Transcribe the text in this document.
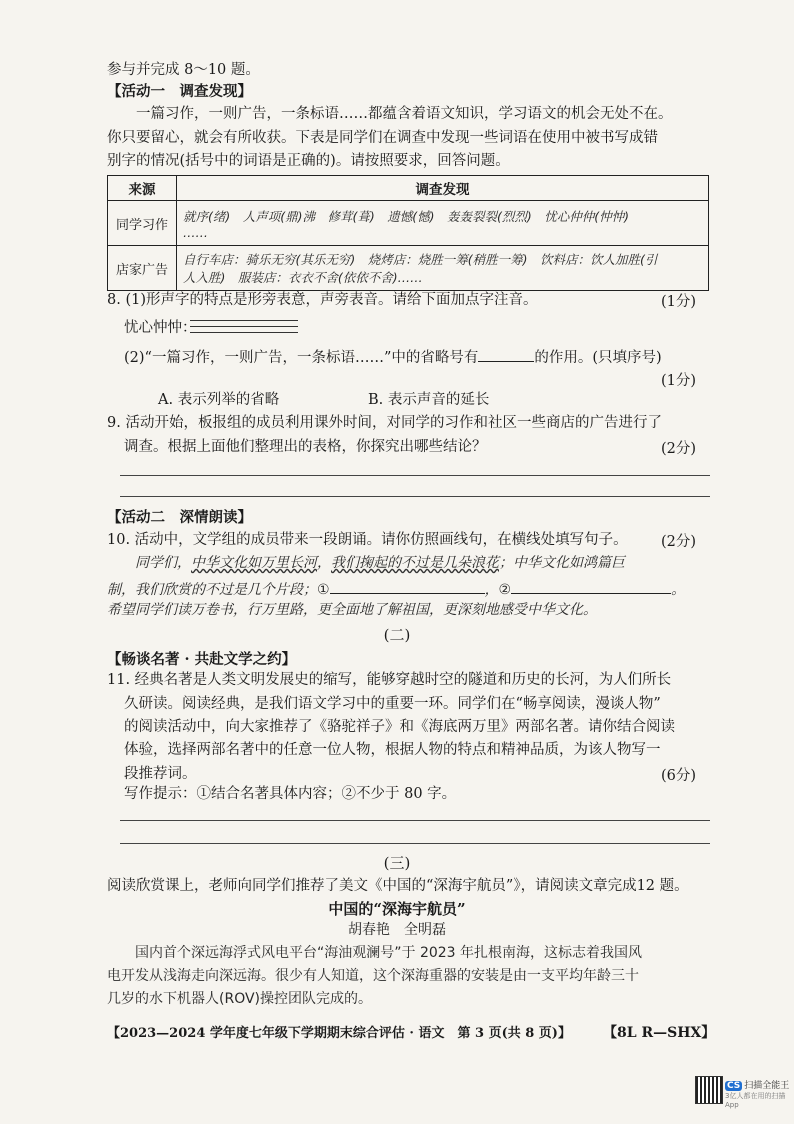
参与并完成 8～10 题。
【活动一　调查发现】
　　一篇习作，一则广告，一条标语……都蕴含着语文知识，学习语文的机会无处不在。
你只要留心，就会有所收获。下表是同学们在调查中发现一些词语在使用中被书写成错
别字的情况(括号中的词语是正确的)。请按照要求，回答问题。
来源	调查发现
同学习作	就序(绪)　人声项(鼎)沸　修茸(葺)　遗憾(憾)　轰轰裂裂(烈烈)　忧心仲仲(忡忡)
……

店家广告	自行车店：骑乐无穷(其乐无穷)　烧烤店：烧胜一筹(稍胜一筹)　饮料店：饮人加胜(引
人入胜)　服装店：衣衣不舍(依依不舍)……
8. (1)形声字的特点是形旁表意，声旁表音。请给下面加点字注音。	(1分)
忧心忡忡：
(2)“一篇习作，一则广告，一条标语……”中的省略号有	的作用。(只填序号)
(1分)
A. 表示列举的省略	B. 表示声音的延长
9. 活动开始，板报组的成员利用课外时间，对同学的习作和社区一些商店的广告进行了
调查。根据上面他们整理出的表格，你探究出哪些结论？	(2分)
【活动二　深情朗读】
10. 活动中，文学组的成员带来一段朗诵。请你仿照画线句，在横线处填写句子。 (2分)
　　同学们，中华文化如万里长河，我们掬起的不过是几朵浪花；中华文化如鸿篇巨
制，我们欣赏的不过是几个片段；①	，②	。
希望同学们读万卷书，行万里路，更全面地了解祖国，更深刻地感受中华文化。
(二)
【畅谈名著 · 共赴文学之约】
11. 经典名著是人类文明发展史的缩写，能够穿越时空的隧道和历史的长河，为人们所长
久研读。阅读经典，是我们语文学习中的重要一环。同学们在“畅享阅读，漫谈人物”
的阅读活动中，向大家推荐了《骆驼祥子》和《海底两万里》两部名著。请你结合阅读
体验，选择两部名著中的任意一位人物，根据人物的特点和精神品质，为该人物写一
段推荐词。	(6分)
写作提示：①结合名著具体内容；②不少于 80 字。
(三)
阅读欣赏课上，老师向同学们推荐了美文《中国的“深海宇航员”》，请阅读文章完成12 题。
中国的“深海宇航员”
胡春艳　全明磊
　　国内首个深远海浮式风电平台“海油观澜号”于 2023 年扎根南海，这标志着我国风
电开发从浅海走向深远海。很少有人知道，这个深海重器的安装是由一支平均年龄三十
几岁的水下机器人(ROV)操控团队完成的。
【2023—2024 学年度七年级下学期期末综合评估 · 语文　第 3 页(共 8 页)】 【8L R—SHX】
CS 扫描全能王
3亿人都在用的扫描App
